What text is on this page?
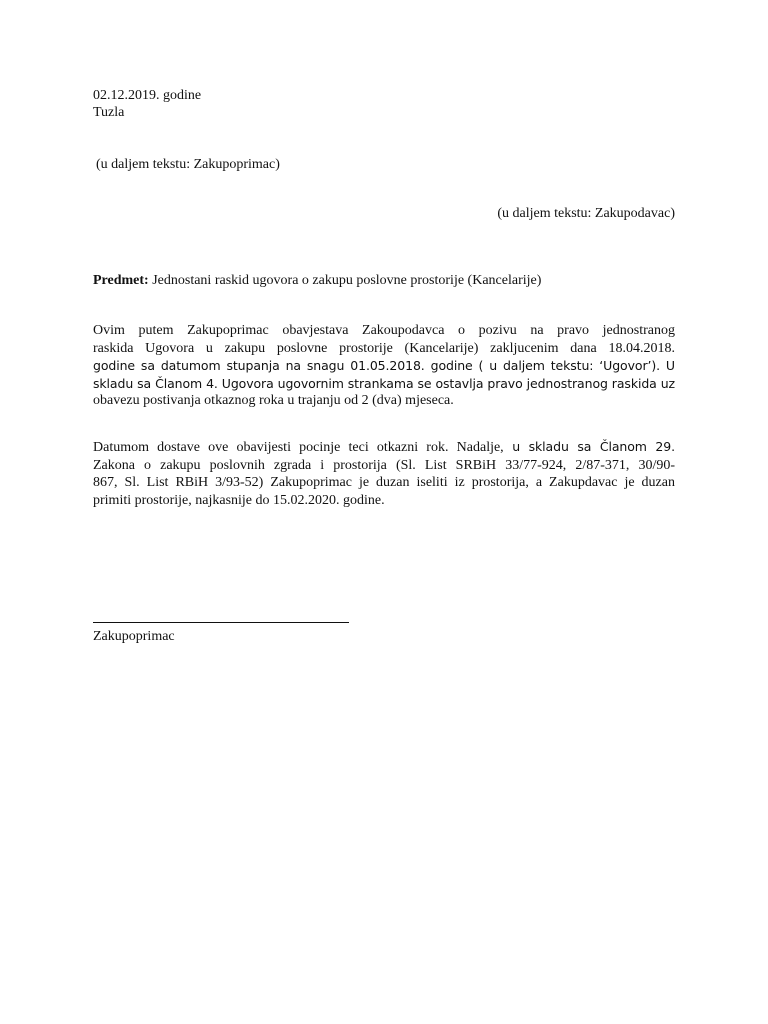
02.12.2019. godine
Tuzla
(u daljem tekstu: Zakupoprimac)
(u daljem tekstu: Zakupodavac)
Predmet: Jednostani raskid ugovora o zakupu poslovne prostorije (Kancelarije)
Ovim putem Zakupoprimac obavjestava Zakoupodavca o pozivu na pravo jednostranog
raskida Ugovora u zakupu poslovne prostorije (Kancelarije) zakljucenim dana 18.04.2018.
godine sa datumom stupanja na snagu 01.05.2018. godine ( u daljem tekstu: ‘Ugovor’). U
skladu sa Članom 4. Ugovora ugovornim strankama se ostavlja pravo jednostranog raskida uz
obavezu postivanja otkaznog roka u trajanju od 2 (dva) mjeseca.
Datumom dostave ove obavijesti pocinje teci otkazni rok. Nadalje, u skladu sa Članom 29.
Zakona o zakupu poslovnih zgrada i prostorija (Sl. List SRBiH 33/77-924, 2/87-371, 30/90-
867, Sl. List RBiH 3/93-52) Zakupoprimac je duzan iseliti iz prostorija, a Zakupdavac je duzan
primiti prostorije, najkasnije do 15.02.2020. godine.
Zakupoprimac
